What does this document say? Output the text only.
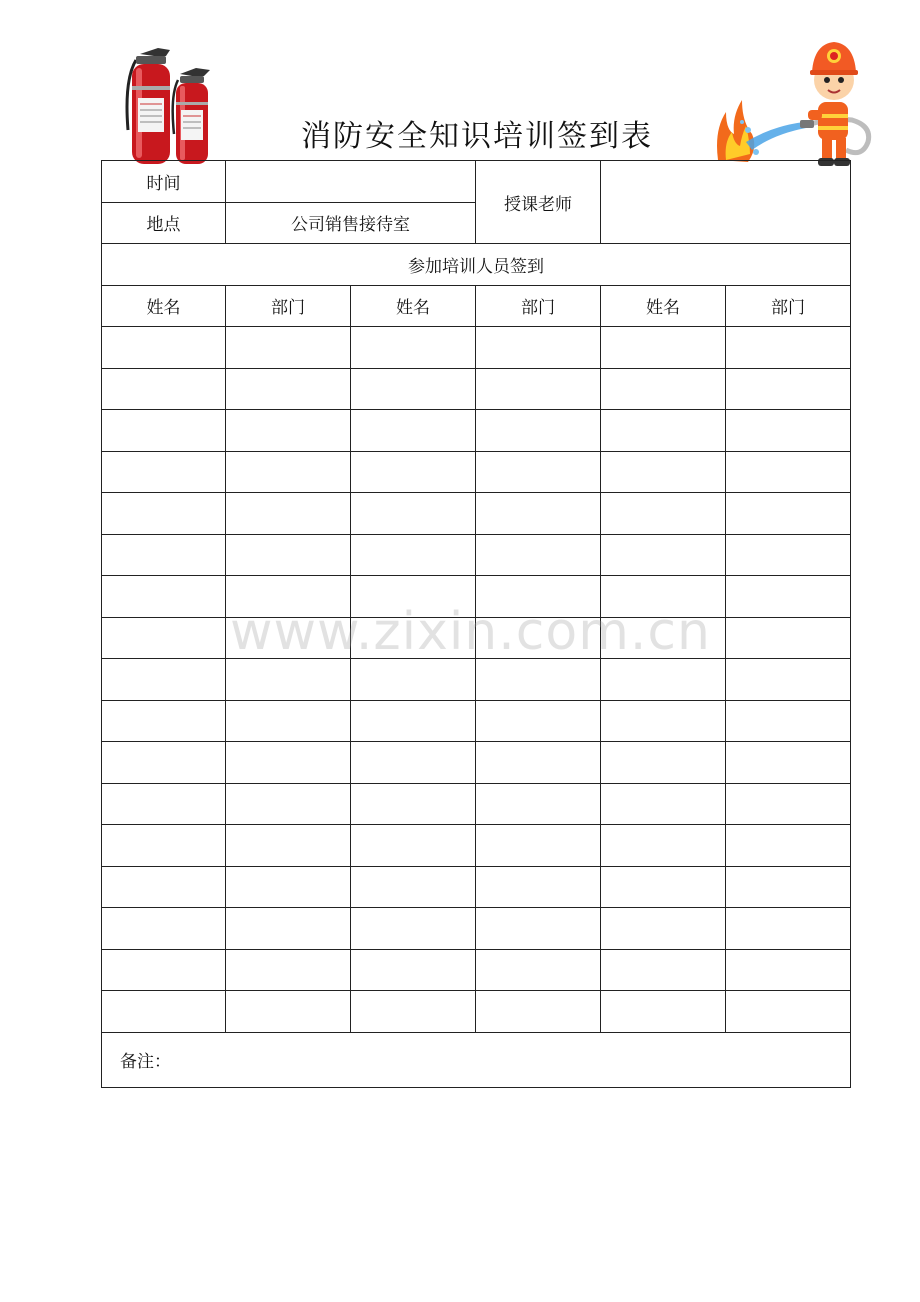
消防安全知识培训签到表
时间			授课老师		
地点	公司销售接待室				
参加培训人员签到					
姓名	部门	姓名	部门	姓名	部门

备注：					
www.zixin.com.cn
